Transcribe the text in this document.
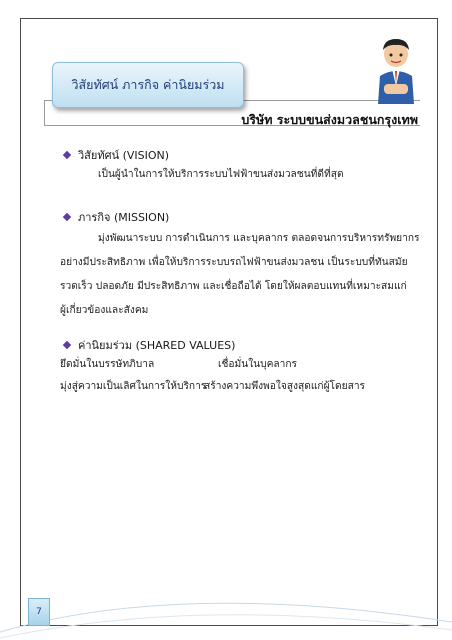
วิสัยทัศน์ ภารกิจ ค่านิยมร่วม
บริษัท ระบบขนส่งมวลชนกรุงเทพ
วิสัยทัศน์ (VISION)
เป็นผู้นำในการให้บริการระบบไฟฟ้าขนส่งมวลชนที่ดีที่สุด
ภารกิจ (MISSION)
มุ่งพัฒนาระบบ การดำเนินการ และบุคลากร ตลอดจนการบริหารทรัพยากร
อย่างมีประสิทธิภาพ เพื่อให้บริการระบบรถไฟฟ้าขนส่งมวลชน เป็นระบบที่ทันสมัย
รวดเร็ว ปลอดภัย มีประสิทธิภาพ และเชื่อถือได้ โดยให้ผลตอบแทนที่เหมาะสมแก่
ผู้เกี่ยวข้องและสังคม
ค่านิยมร่วม (SHARED VALUES)
ยึดมั่นในบรรษัทภิบาล	เชื่อมั่นในบุคลากร
มุ่งสู่ความเป็นเลิศในการให้บริการ
สร้างความพึงพอใจสูงสุดแก่ผู้โดยสาร
7
